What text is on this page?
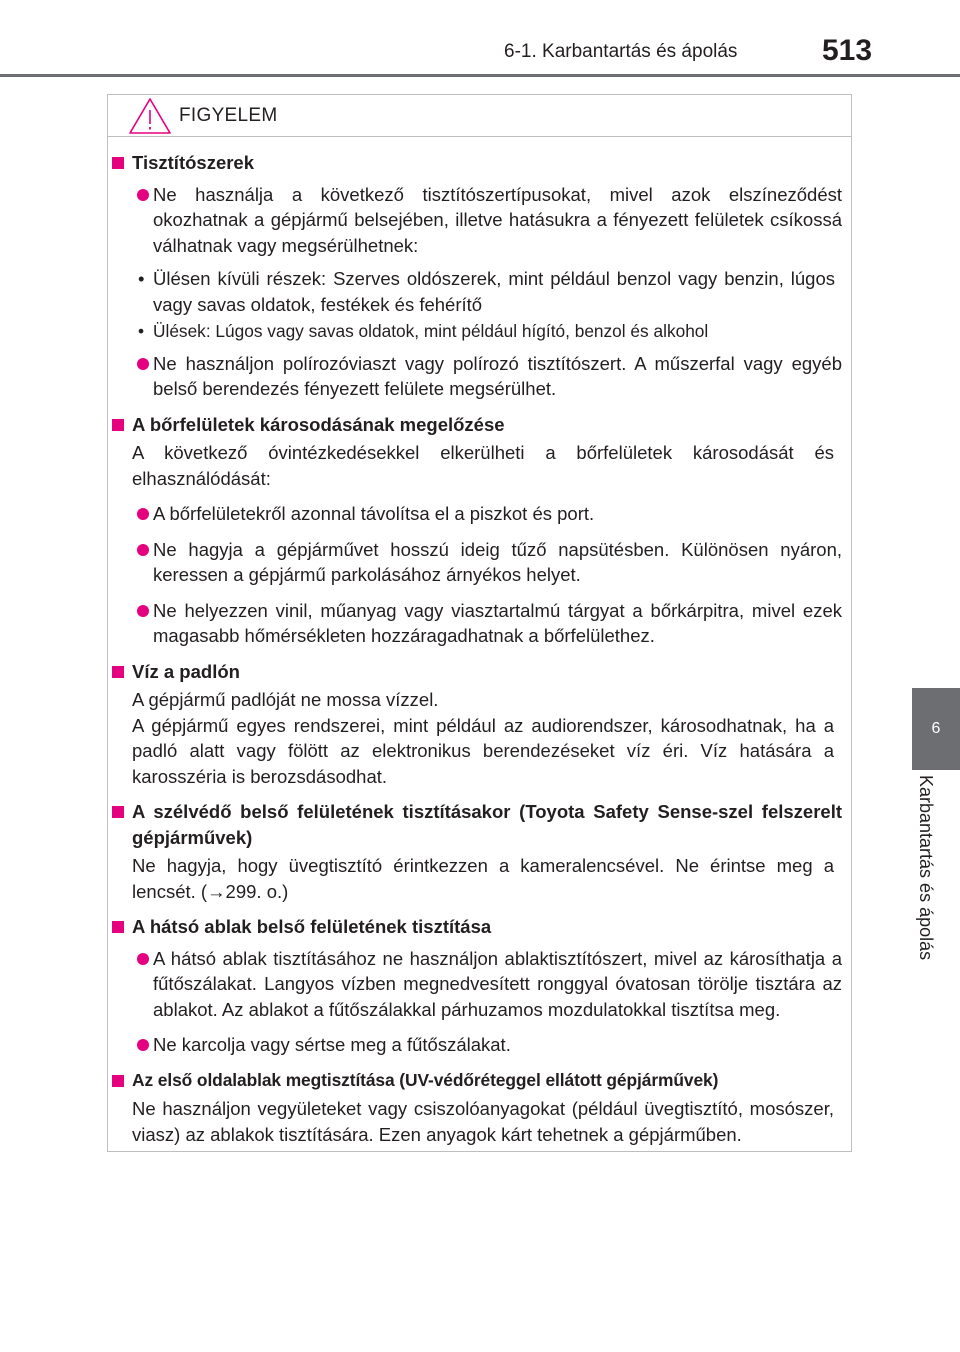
6-1. Karbantartás és ápolás	513
6
Karbantartás és ápolás
FIGYELEM
Tisztítószerek
Ne használja a következő tisztítószertípusokat, mivel azok elszíneződést okozhatnak a gépjármű belsejében, illetve hatásukra a fényezett felületek csíkossá válhatnak vagy megsérülhetnek:
• Ülésen kívüli részek: Szerves oldószerek, mint például benzol vagy benzin, lúgos vagy savas oldatok, festékek és fehérítő
• Ülések: Lúgos vagy savas oldatok, mint például hígító, benzol és alkohol
Ne használjon polírozóviaszt vagy polírozó tisztítószert. A műszerfal vagy egyéb belső berendezés fényezett felülete megsérülhet.
A bőrfelületek károsodásának megelőzése
A következő óvintézkedésekkel elkerülheti a bőrfelületek károsodását és elhasználódását:
A bőrfelületekről azonnal távolítsa el a piszkot és port.
Ne hagyja a gépjárművet hosszú ideig tűző napsütésben. Különösen nyáron, keressen a gépjármű parkolásához árnyékos helyet.
Ne helyezzen vinil, műanyag vagy viasztartalmú tárgyat a bőrkárpitra, mivel ezek magasabb hőmérsékleten hozzáragadhatnak a bőrfelülethez.
Víz a padlón
A gépjármű padlóját ne mossa vízzel.
A gépjármű egyes rendszerei, mint például az audiorendszer, károsodhatnak, ha a padló alatt vagy fölött az elektronikus berendezéseket víz éri. Víz hatására a karosszéria is berozsdásodhat.
A szélvédő belső felületének tisztításakor (Toyota Safety Sense-szel felszerelt gépjárművek)
Ne hagyja, hogy üvegtisztító érintkezzen a kameralencsével. Ne érintse meg a lencsét. (→299. o.)
A hátsó ablak belső felületének tisztítása
A hátsó ablak tisztításához ne használjon ablaktisztítószert, mivel az károsíthatja a fűtőszálakat. Langyos vízben megnedvesített ronggyal óvatosan törölje tisztára az ablakot. Az ablakot a fűtőszálakkal párhuzamos mozdulatokkal tisztítsa meg.
Ne karcolja vagy sértse meg a fűtőszálakat.
Az első oldalablak megtisztítása (UV-védőréteggel ellátott gépjárművek)
Ne használjon vegyületeket vagy csiszolóanyagokat (például üvegtisztító, mosószer, viasz) az ablakok tisztítására. Ezen anyagok kárt tehetnek a gépjárműben.
